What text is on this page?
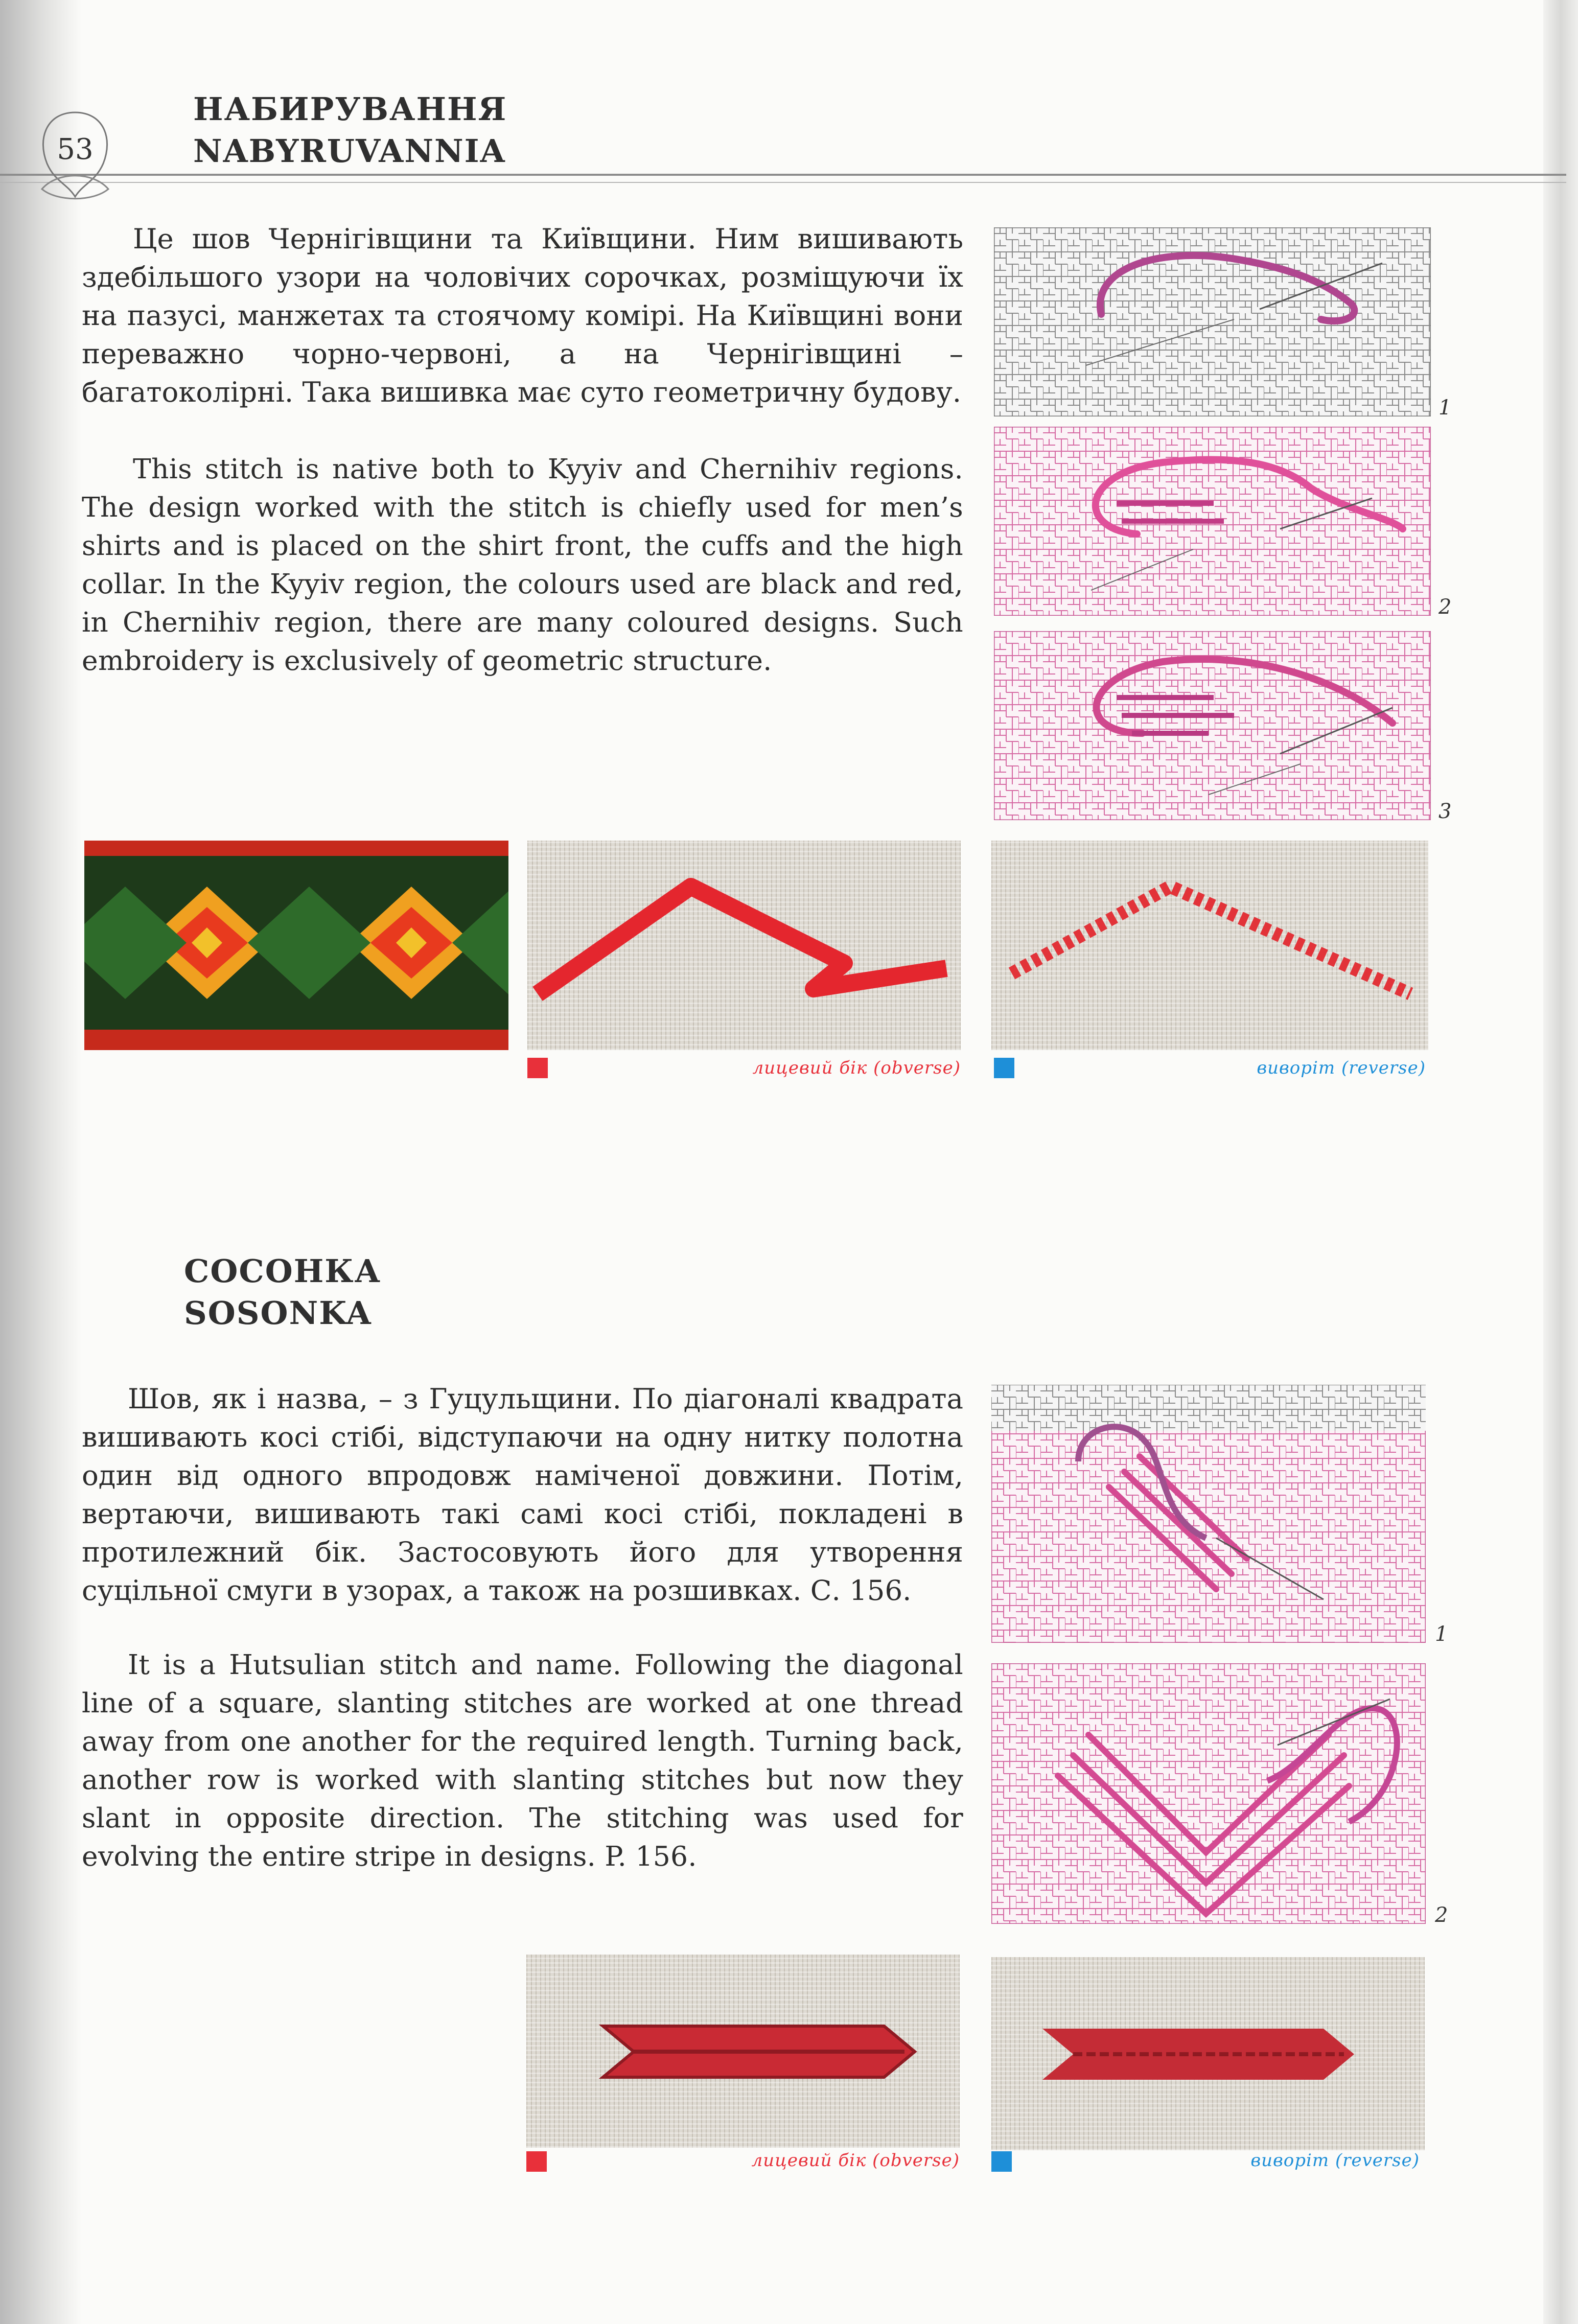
53
НАБИРУВАННЯ
NABYRUVANNIA
Це шов Чернігівщини та Київщини. Ним вишивають здебільшого узори на чоловічих сорочках, розміщуючи їх на пазусі, манжетах та стоячому комірі. На Київщині вони переважно чорно-червоні, а на Чернігівщині – багатоколірні. Така вишивка має суто геометричну будову.
This stitch is native both to Kyyiv and Chernihiv regions. The design worked with the stitch is chiefly used for men’s shirts and is placed on the shirt front, the cuffs and the high collar. In the Kyyiv region, the colours used are black and red, in Chernihiv region, there are many coloured designs. Such embroidery is exclusively of geometric structure.
1
2
3
лицевий бік (obverse)	виворіт (reverse)
СОСОНКА
SOSONKA
Шов, як і назва, – з Гуцульщини. По діагоналі квадрата вишивають косі стібі, відступаючи на одну нитку полотна один від одного впродовж наміченої довжини. Потім, вертаючи, вишивають такі самі косі стібі, покладені в протилежний бік. Застосовують його для утворення суцільної смуги в узорах, а також на розшивках. С. 156.
It is a Hutsulian stitch and name. Following the diagonal line of a square, slanting stitches are worked at one thread away from one another for the required length. Turning back, another row is worked with slanting stitches but now they slant in opposite direction. The stitching was used for evolving the entire stripe in designs. P. 156.
1
2
лицевий бік (obverse)	виворіт (reverse)
